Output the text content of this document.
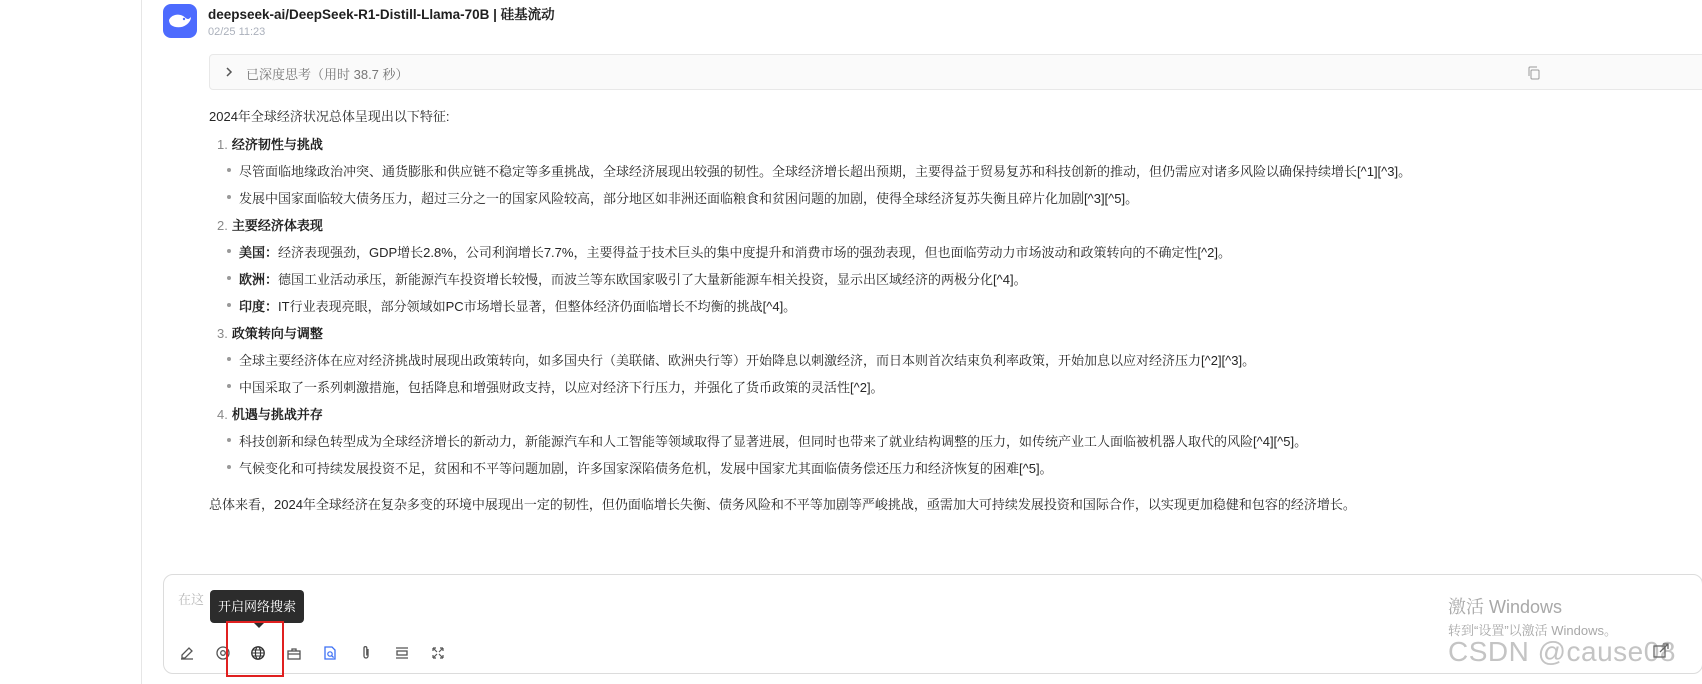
deepseek-ai/DeepSeek-R1-Distill-Llama-70B | 硅基流动
02/25 11:23
已深度思考（用时 38.7 秒）
2024年全球经济状况总体呈现出以下特征:
1. 经济韧性与挑战
尽管面临地缘政治冲突、通货膨胀和供应链不稳定等多重挑战，全球经济展现出较强的韧性。全球经济增长超出预期，主要得益于贸易复苏和科技创新的推动，但仍需应对诸多风险以确保持续增长[^1][^3]。
发展中国家面临较大债务压力，超过三分之一的国家风险较高，部分地区如非洲还面临粮食和贫困问题的加剧，使得全球经济复苏失衡且碎片化加剧[^3][^5]。
2. 主要经济体表现
美国：经济表现强劲，GDP增长2.8%，公司利润增长7.7%，主要得益于技术巨头的集中度提升和消费市场的强劲表现，但也面临劳动力市场波动和政策转向的不确定性[^2]。
欧洲：德国工业活动承压，新能源汽车投资增长较慢，而波兰等东欧国家吸引了大量新能源车相关投资，显示出区域经济的两极分化[^4]。
印度：IT行业表现亮眼，部分领域如PC市场增长显著，但整体经济仍面临增长不均衡的挑战[^4]。
3. 政策转向与调整
全球主要经济体在应对经济挑战时展现出政策转向，如多国央行（美联储、欧洲央行等）开始降息以刺激经济，而日本则首次结束负利率政策，开始加息以应对经济压力[^2][^3]。
中国采取了一系列刺激措施，包括降息和增强财政支持，以应对经济下行压力，并强化了货币政策的灵活性[^2]。
4. 机遇与挑战并存
科技创新和绿色转型成为全球经济增长的新动力，新能源汽车和人工智能等领域取得了显著进展，但同时也带来了就业结构调整的压力，如传统产业工人面临被机器人取代的风险[^4][^5]。
气候变化和可持续发展投资不足，贫困和不平等问题加剧，许多国家深陷债务危机，发展中国家尤其面临债务偿还压力和经济恢复的困难[^5]。
总体来看，2024年全球经济在复杂多变的环境中展现出一定的韧性，但仍面临增长失衡、债务风险和不平等加剧等严峻挑战，亟需加大可持续发展投资和国际合作，以实现更加稳健和包容的经济增长。
在这	开启网络搜索	激活 Windows
转到“设置”以激活 Windows。
CSDN @cause08
